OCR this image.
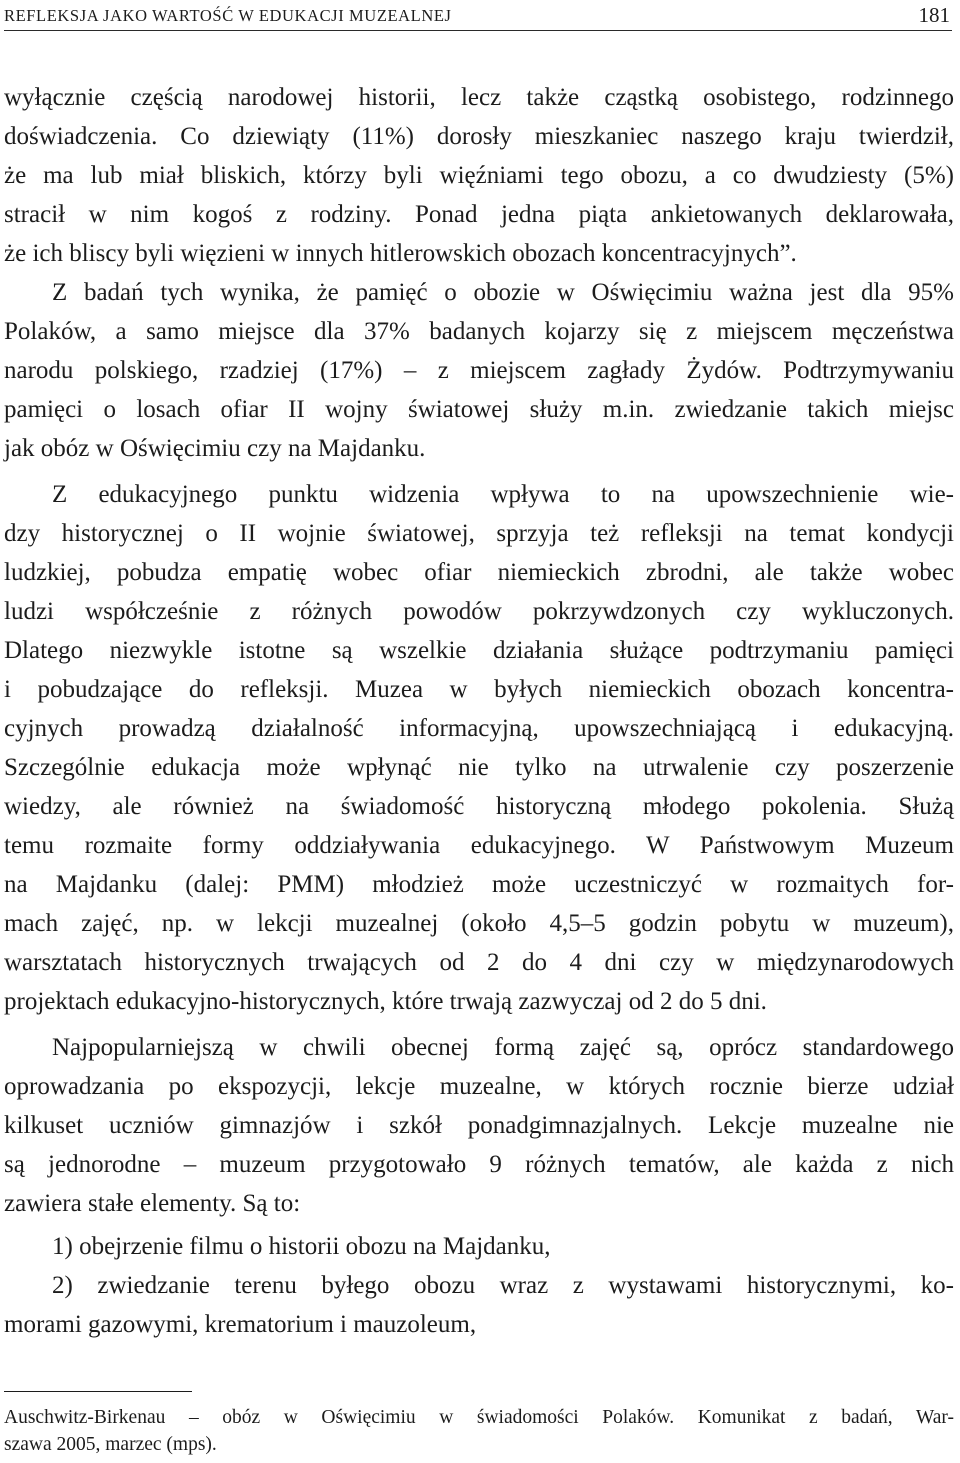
REFLEKSJA JAKO WARTOŚĆ W EDUKACJI MUZEALNEJ	181
wyłącznie częścią narodowej historii, lecz także cząstką osobistego, rodzinnego
doświadczenia. Co dziewiąty (11%) dorosły mieszkaniec naszego kraju twierdził,
że ma lub miał bliskich, którzy byli więźniami tego obozu, a co dwudziesty (5%)
stracił w nim kogoś z rodziny. Ponad jedna piąta ankietowanych deklarowała,
że ich bliscy byli więzieni w innych hitlerowskich obozach koncentracyjnych”.
Z badań tych wynika, że pamięć o obozie w Oświęcimiu ważna jest dla 95%
Polaków, a samo miejsce dla 37% badanych kojarzy się z miejscem męczeństwa
narodu polskiego, rzadziej (17%) – z miejscem zagłady Żydów. Podtrzymywaniu
pamięci o losach ofiar II wojny światowej służy m.in. zwiedzanie takich miejsc
jak obóz w Oświęcimiu czy na Majdanku.
Z edukacyjnego punktu widzenia wpływa to na upowszechnienie wie-
dzy historycznej o II wojnie światowej, sprzyja też refleksji na temat kondycji
ludzkiej, pobudza empatię wobec ofiar niemieckich zbrodni, ale także wobec
ludzi współcześnie z różnych powodów pokrzywdzonych czy wykluczonych.
Dlatego niezwykle istotne są wszelkie działania służące podtrzymaniu pamięci
i pobudzające do refleksji. Muzea w byłych niemieckich obozach koncentra-
cyjnych prowadzą działalność informacyjną, upowszechniającą i edukacyjną.
Szczególnie edukacja może wpłynąć nie tylko na utrwalenie czy poszerzenie
wiedzy, ale również na świadomość historyczną młodego pokolenia. Służą
temu rozmaite formy oddziaływania edukacyjnego. W Państwowym Muzeum
na Majdanku (dalej: PMM) młodzież może uczestniczyć w rozmaitych for-
mach zajęć, np. w lekcji muzealnej (około 4,5–5 godzin pobytu w muzeum),
warsztatach historycznych trwających od 2 do 4 dni czy w międzynarodowych
projektach edukacyjno-historycznych, które trwają zazwyczaj od 2 do 5 dni.
Najpopularniejszą w chwili obecnej formą zajęć są, oprócz standardowego
oprowadzania po ekspozycji, lekcje muzealne, w których rocznie bierze udział
kilkuset uczniów gimnazjów i szkół ponadgimnazjalnych. Lekcje muzealne nie
są jednorodne – muzeum przygotowało 9 różnych tematów, ale każda z nich
zawiera stałe elementy. Są to:
1) obejrzenie filmu o historii obozu na Majdanku,
2) zwiedzanie terenu byłego obozu wraz z wystawami historycznymi, ko-
morami gazowymi, krematorium i mauzoleum,
Auschwitz-Birkenau – obóz w Oświęcimiu w świadomości Polaków. Komunikat z badań, War-
szawa 2005, marzec (mps).
